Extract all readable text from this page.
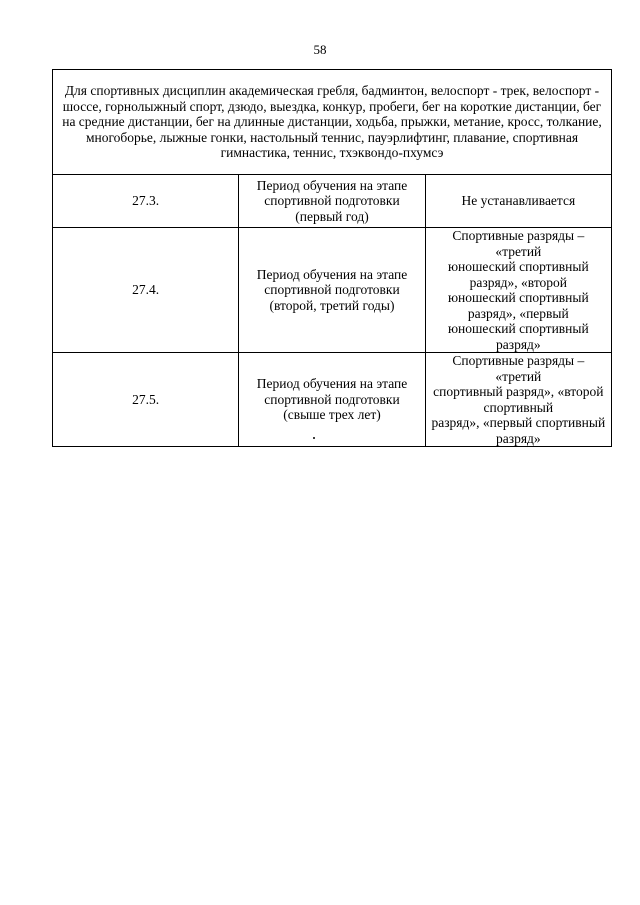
58
Для спортивных дисциплин академическая гребля, бадминтон, велоспорт - трек, велоспорт - шоссе, горнолыжный спорт, дзюдо, выездка, конкур, пробеги, бег на короткие дистанции, бег на средние дистанции, бег на длинные дистанции, ходьба, прыжки, метание, кросс, толкание, многоборье, лыжные гонки, настольный теннис, пауэрлифтинг, плавание, спортивная гимнастика, теннис, тхэквондо-пхумсэ		
27.3.	Период обучения на этапе
спортивной подготовки
(первый год)	Не устанавливается
27.4.	Период обучения на этапе
спортивной подготовки
(второй, третий годы)	Спортивные разряды – «третий
юношеский спортивный разряд», «второй
юношеский спортивный разряд», «первый
юношеский спортивный разряд»
27.5.	Период обучения на этапе
спортивной подготовки
(свыше трех лет)	Спортивные разряды – «третий
спортивный разряд», «второй спортивный
разряд», «первый спортивный разряд»
